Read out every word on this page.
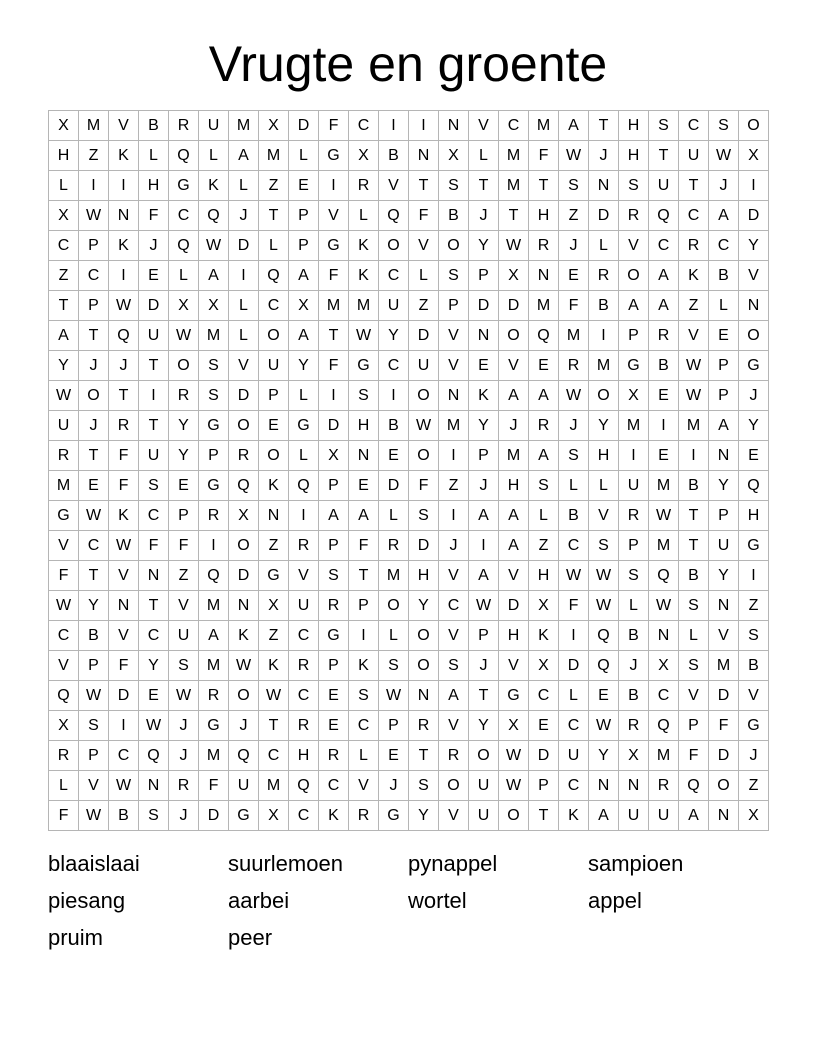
Vrugte en groente
X	M	V	B	R	U	M	X	D	F	C	I	I	N	V	C	M	A	T	H	S	C	S	O
H	Z	K	L	Q	L	A	M	L	G	X	B	N	X	L	M	F	W	J	H	T	U	W	X
L	I	I	H	G	K	L	Z	E	I	R	V	T	S	T	M	T	S	N	S	U	T	J	I
X	W	N	F	C	Q	J	T	P	V	L	Q	F	B	J	T	H	Z	D	R	Q	C	A	D
C	P	K	J	Q	W	D	L	P	G	K	O	V	O	Y	W	R	J	L	V	C	R	C	Y
Z	C	I	E	L	A	I	Q	A	F	K	C	L	S	P	X	N	E	R	O	A	K	B	V
T	P	W	D	X	X	L	C	X	M	M	U	Z	P	D	D	M	F	B	A	A	Z	L	N
A	T	Q	U	W M	L	O	A	T	W	Y	D	V	N	O	Q	M	I	P	R	V	E	O
Y	J	J	T	O	S	V	U	Y	F	G	C	U	V	E	V	E	R	M	G	B	W	P	G
W	O	T	I	R	S	D	P	L	I	S	I	O	N	K	A	A	W	O	X	E	W	P	J
U	J	R	T	Y	G	O	E	G	D	H	B	W M	Y	J	R	J	Y	M	I	M	A	Y
R	T	F	U	Y	P	R	O	L	X	N	E	O	I	P	M	A	S	H	I	E	I	N	E
M	E	F	S	E	G	Q	K	Q	P	E	D	F	Z	J	H	S	L	L	U	M	B	Y	Q
G	W	K	C	P	R	X	N	I	A	A	L	S	I	A	A	L	B	V	R	W	T	P	H
V	C	W	F	F	I	O	Z	R	P	F	R	D	J	I	A	Z	C	S	P	M	T	U	G
F	T	V	N	Z	Q	D	G	V	S	T	M	H	V	A	V	H	W W	S	Q	B	Y	I
W	Y	N	T	V	M	N	X	U	R	P	O	Y	C	W	D	X	F	W	L	W	S	N	Z
C	B	V	C	U	A	K	Z	C	G	I	L	O	V	P	H	K	I	Q	B	N	L	V	S
V	P	F	Y	S	M W	K	R	P	K	S	O	S	J	V	X	D	Q	J	X	S	M	B
Q	W	D	E	W	R	O	W	C	E	S	W	N	A	T	G	C	L	E	B	C	V	D	V
X	S	I	W	J	G	J	T	R	E	C	P	R	V	Y	X	E	C	W	R	Q	P	F	G
R	P	C	Q	J	M	Q	C	H	R	L	E	T	R	O	W	D	U	Y	X	M	F	D	J
L	V	W	N	R	F	U	M	Q	C	V	J	S	O	U	W	P	C	N	N	R	Q	O	Z
F	W	B	S	J	D	G	X	C	K	R	G	Y	V	U	O	T	K	A	U	U	A	N	X
blaaislaai	suurlemoen	pynappel	sampioen
piesang	aarbei	wortel	appel
pruim	peer
